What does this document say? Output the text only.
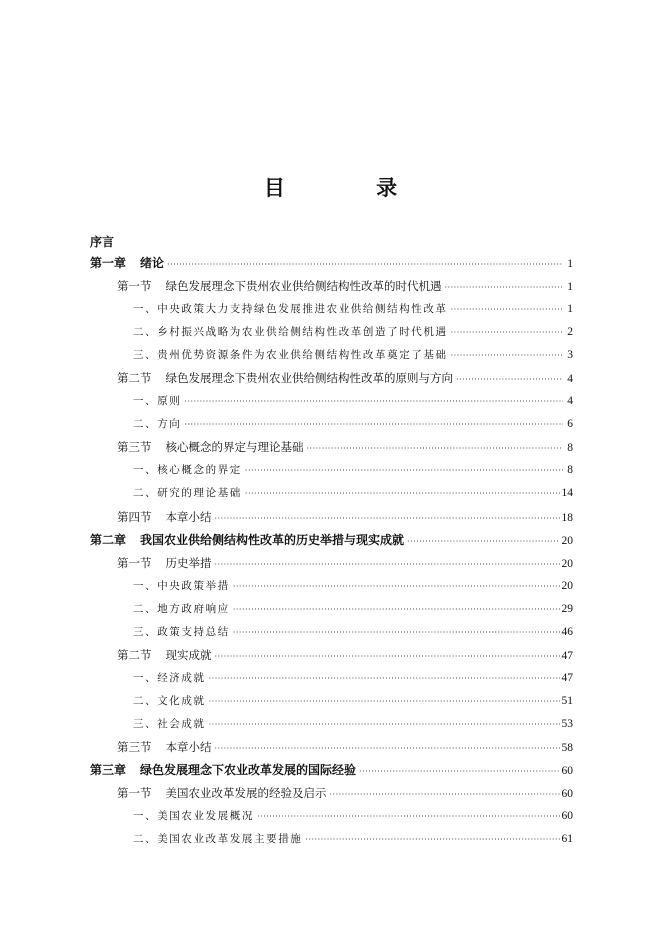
目 录
序言
第一章 绪论 ·····	1
第一节 绿色发展理念下贵州农业供给侧结构性改革的时代机遇 ·····	1
一、中央政策大力支持绿色发展推进农业供给侧结构性改革 ·····	1
二、乡村振兴战略为农业供给侧结构性改革创造了时代机遇 ·····	2
三、贵州优势资源条件为农业供给侧结构性改革奠定了基础 ·····	3
第二节 绿色发展理念下贵州农业供给侧结构性改革的原则与方向 ·····	4
一、原则 ·····	4
二、方向 ·····	6
第三节 核心概念的界定与理论基础 ·····	8
一、核心概念的界定 ·····	8
二、研究的理论基础 ·····	14
第四节 本章小结 ·····	18
第二章 我国农业供给侧结构性改革的历史举措与现实成就 ·····	20
第一节 历史举措 ·····	20
一、中央政策举措 ·····	20
二、地方政府响应 ·····	29
三、政策支持总结 ·····	46
第二节 现实成就 ·····	47
一、经济成就 ·····	47
二、文化成就 ·····	51
三、社会成就 ·····	53
第三节 本章小结 ·····	58
第三章 绿色发展理念下农业改革发展的国际经验 ·····	60
第一节 美国农业改革发展的经验及启示 ·····	60
一、美国农业发展概况 ·····	60
二、美国农业改革发展主要措施 ·····	61
